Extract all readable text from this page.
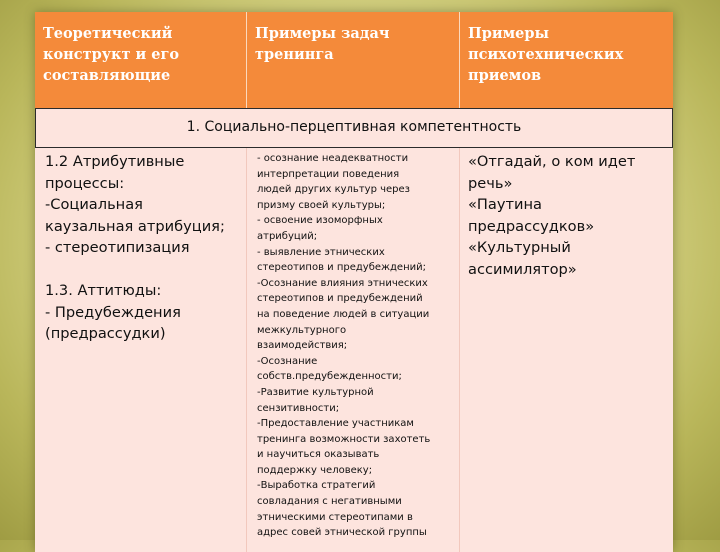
Теоретический
конструкт и его
составляющие
Примеры задач
тренинга
Примеры
психотехнических
приемов
1. Социально-перцептивная компетентность
1.2 Атрибутивные
процессы:
-Социальная
каузальная атрибуция;
- стереотипизация
1.3. Аттитюды:
- Предубеждения
(предрассудки)
- осознание неадекватности
интерпретации поведения
людей других культур через
призму своей культуры;
- освоение изоморфных
атрибуций;
- выявление этнических
стереотипов и предубеждений;
-Осознание влияния этнических
стереотипов и предубеждений
на поведение людей в ситуации
межкультурного
взаимодействия;
-Осознание
собств.предубежденности;
-Развитие культурной
сензитивности;
-Предоставление участникам
тренинга возможности захотеть
и научиться оказывать
поддержку человеку;
-Выработка стратегий
совладания с негативными
этническими стереотипами в
адрес совей этнической группы
«Отгадай, о ком идет
речь»
«Паутина
предрассудков»
«Культурный
ассимилятор»
